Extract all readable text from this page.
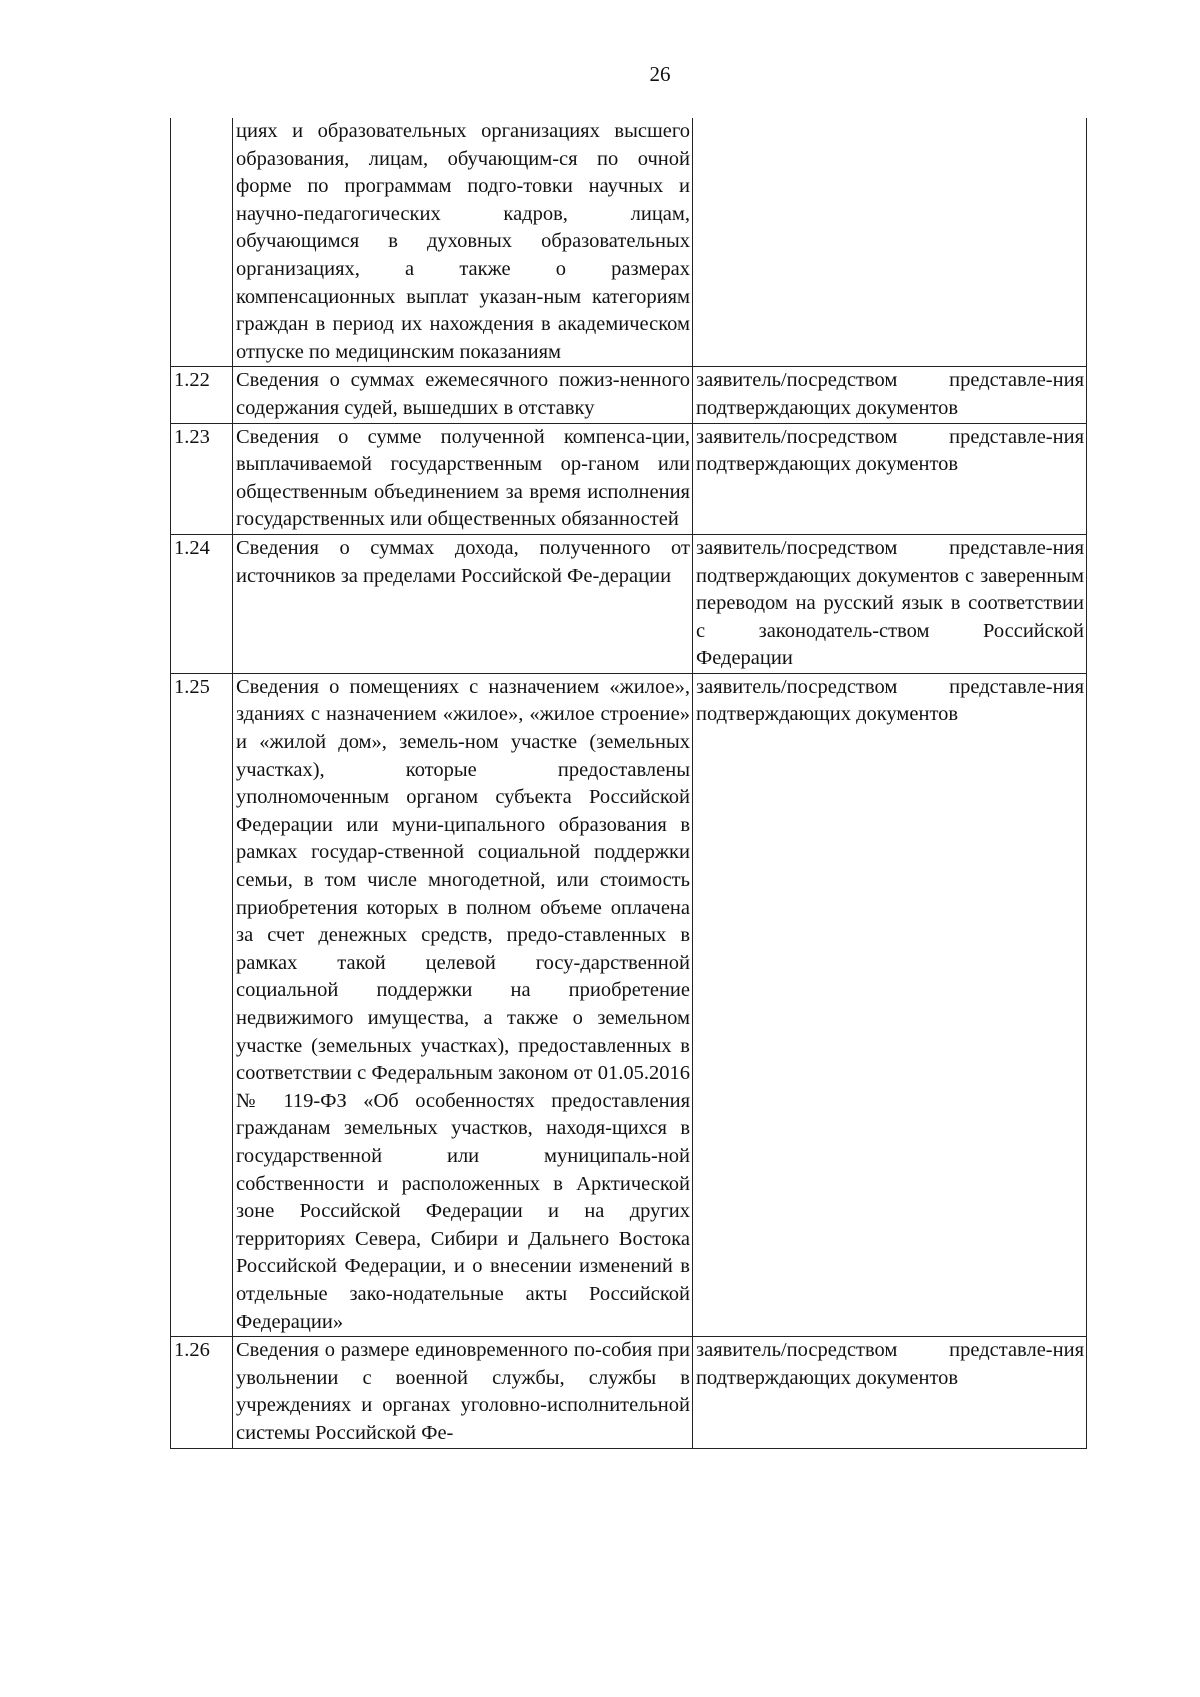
26
	циях и образовательных организациях высшего образования, лицам, обучающим-ся по очной форме по программам подго-товки научных и научно-педагогических кадров, лицам, обучающимся в духовных образовательных организациях, а также о размерах компенсационных выплат указан-ным категориям граждан в период их нахождения в академическом отпуске по медицинским показаниям	
1.22	Сведения о суммах ежемесячного пожиз-ненного содержания судей, вышедших в отставку	заявитель/посредством представле-ния подтверждающих документов
1.23	Сведения о сумме полученной компенса-ции, выплачиваемой государственным ор-ганом или общественным объединением за время исполнения государственных или общественных обязанностей	заявитель/посредством представле-ния подтверждающих документов
1.24	Сведения о суммах дохода, полученного от источников за пределами Российской Фе-дерации	заявитель/посредством представле-ния подтверждающих документов с заверенным переводом на русский язык в соответствии с законодатель-ством Российской Федерации
1.25	Сведения о помещениях с назначением «жилое», зданиях с назначением «жилое», «жилое строение» и «жилой дом», земель-ном участке (земельных участках), которые предоставлены уполномоченным органом субъекта Российской Федерации или муни-ципального образования в рамках государ-ственной социальной поддержки семьи, в том числе многодетной, или стоимость приобретения которых в полном объеме оплачена за счет денежных средств, предо-ставленных в рамках такой целевой госу-дарственной социальной поддержки на приобретение недвижимого имущества, а также о земельном участке (земельных участках), предоставленных в соответствии с Федеральным законом от 01.05.2016 № 119-ФЗ «Об особенностях предоставления гражданам земельных участков, находя-щихся в государственной или муниципаль-ной собственности и расположенных в Арктической зоне Российской Федерации и на других территориях Севера, Сибири и Дальнего Востока Российской Федерации, и о внесении изменений в отдельные зако-нодательные акты Российской Федерации»	заявитель/посредством представле-ния подтверждающих документов
1.26	Сведения о размере единовременного по-собия при увольнении с военной службы, службы в учреждениях и органах уголовно-исполнительной системы Российской Фе-	заявитель/посредством представле-ния подтверждающих документов
